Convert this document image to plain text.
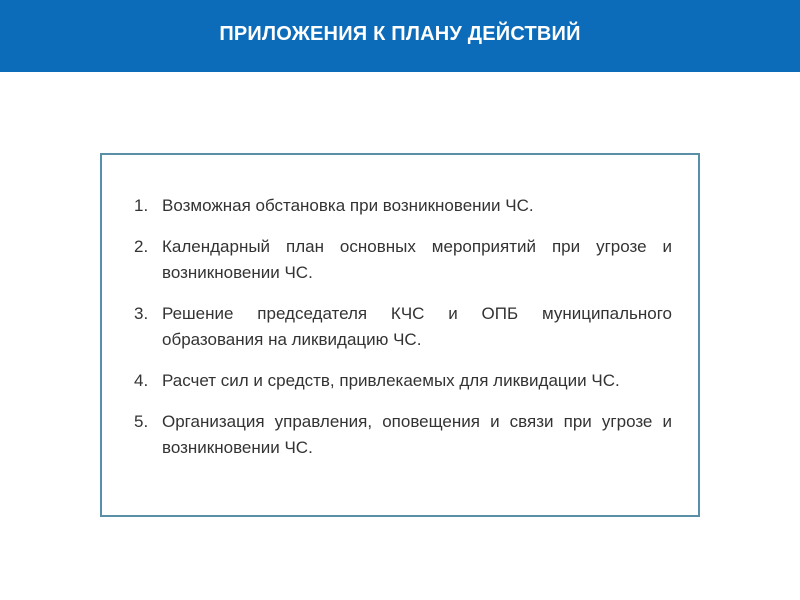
ПРИЛОЖЕНИЯ К ПЛАНУ ДЕЙСТВИЙ
1. Возможная обстановка при возникновении ЧС.
2. Календарный план основных мероприятий при угрозе и возникновении ЧС.
3. Решение председателя КЧС и ОПБ муниципального образования на ликвидацию ЧС.
4. Расчет сил и средств, привлекаемых для ликвидации ЧС.
5. Организация управления, оповещения и связи при угрозе и возникновении ЧС.
